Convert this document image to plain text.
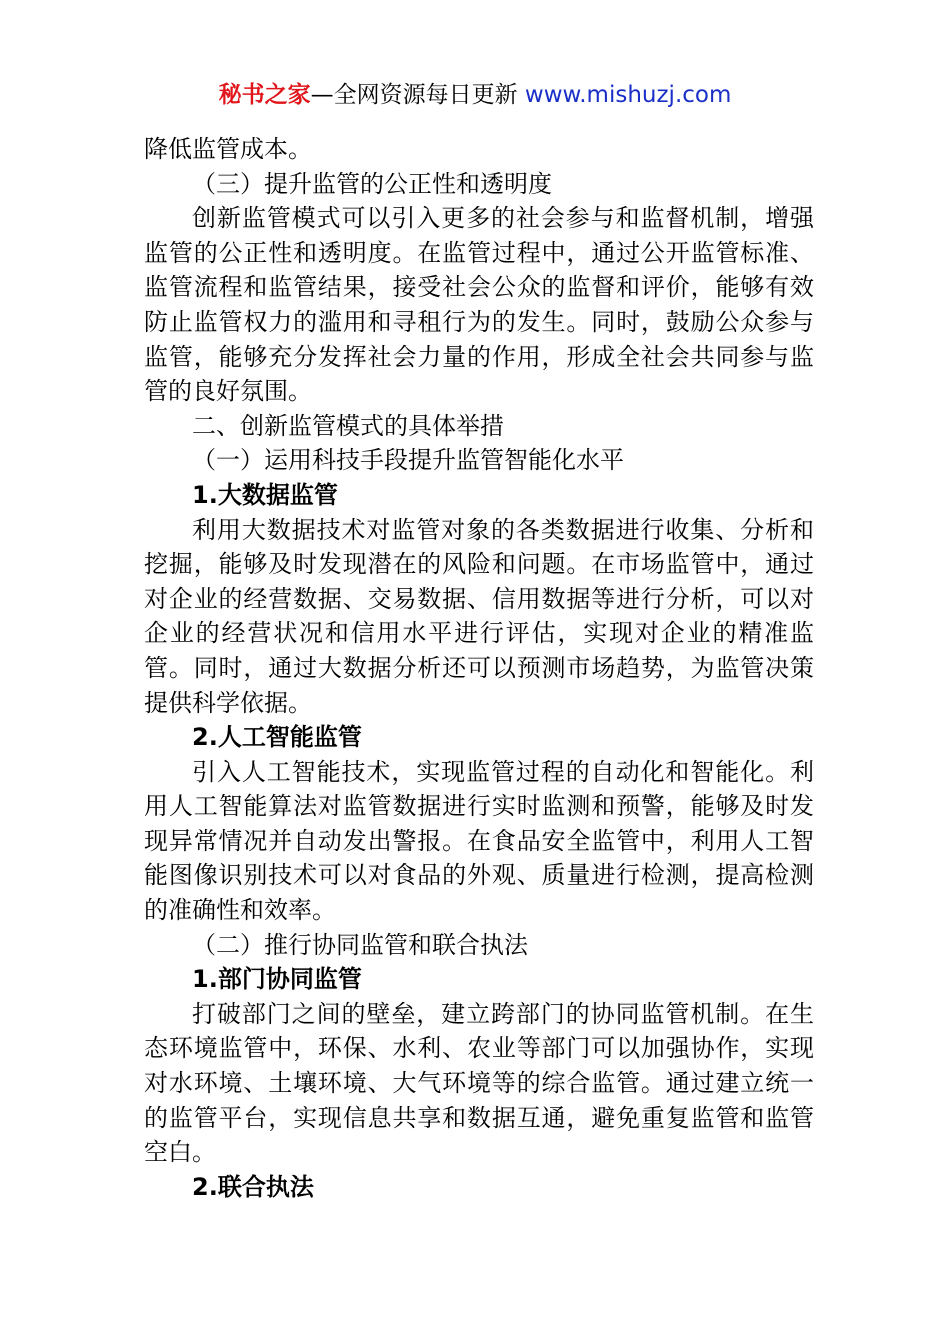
秘书之家—全网资源每日更新 www.mishuzj.com

降低监管成本。

（三）提升监管的公正性和透明度

创新监管模式可以引入更多的社会参与和监督机制，增强监管的公正性和透明度。在监管过程中，通过公开监管标准、监管流程和监管结果，接受社会公众的监督和评价，能够有效防止监管权力的滥用和寻租行为的发生。同时，鼓励公众参与监管，能够充分发挥社会力量的作用，形成全社会共同参与监管的良好氛围。

二、创新监管模式的具体举措

（一）运用科技手段提升监管智能化水平

1.大数据监管

利用大数据技术对监管对象的各类数据进行收集、分析和挖掘，能够及时发现潜在的风险和问题。在市场监管中，通过对企业的经营数据、交易数据、信用数据等进行分析，可以对企业的经营状况和信用水平进行评估，实现对企业的精准监管。同时，通过大数据分析还可以预测市场趋势，为监管决策提供科学依据。

2.人工智能监管

引入人工智能技术，实现监管过程的自动化和智能化。利用人工智能算法对监管数据进行实时监测和预警，能够及时发现异常情况并自动发出警报。在食品安全监管中，利用人工智能图像识别技术可以对食品的外观、质量进行检测，提高检测的准确性和效率。

（二）推行协同监管和联合执法

1.部门协同监管

打破部门之间的壁垒，建立跨部门的协同监管机制。在生态环境监管中，环保、水利、农业等部门可以加强协作，实现对水环境、土壤环境、大气环境等的综合监管。通过建立统一的监管平台，实现信息共享和数据互通，避免重复监管和监管空白。

2.联合执法
